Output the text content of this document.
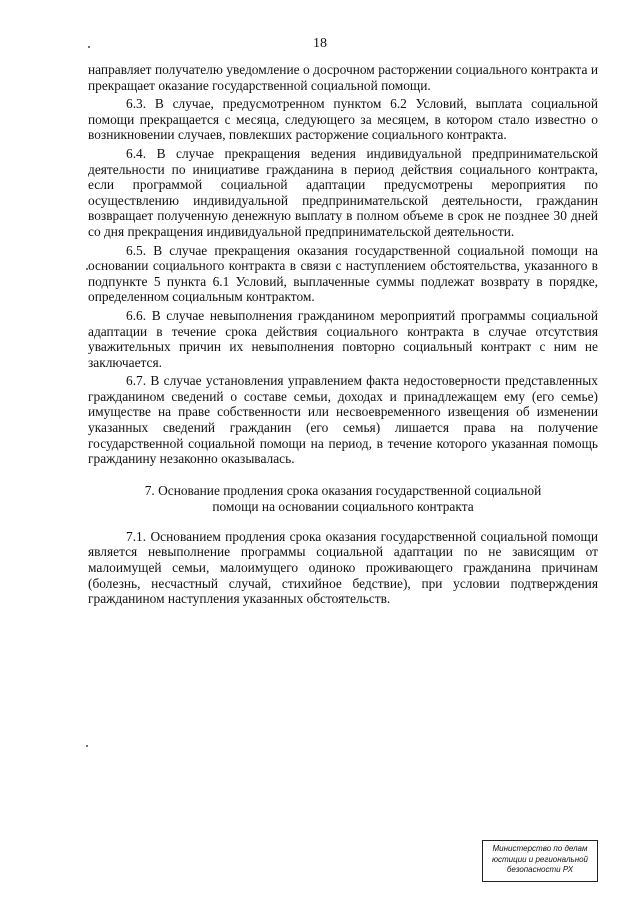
18

направляет получателю уведомление о досрочном расторжении социального контракта и прекращает оказание государственной социальной помощи.

6.3. В случае, предусмотренном пунктом 6.2 Условий, выплата социальной помощи прекращается с месяца, следующего за месяцем, в котором стало известно о возникновении случаев, повлекших расторжение социального контракта.

6.4. В случае прекращения ведения индивидуальной предпринимательской деятельности по инициативе гражданина в период действия социального контракта, если программой социальной адаптации предусмотрены мероприятия по осуществлению индивидуальной предпринимательской деятельности, гражданин возвращает полученную денежную выплату в полном объеме в срок не позднее 30 дней со дня прекращения индивидуальной предпринимательской деятельности.

6.5. В случае прекращения оказания государственной социальной помощи на основании социального контракта в связи с наступлением обстоятельства, указанного в подпункте 5 пункта 6.1 Условий, выплаченные суммы подлежат возврату в порядке, определенном социальным контрактом.

6.6. В случае невыполнения гражданином мероприятий программы социальной адаптации в течение срока действия социального контракта в случае отсутствия уважительных причин их невыполнения повторно социальный контракт с ним не заключается.

6.7. В случае установления управлением факта недостоверности представленных гражданином сведений о составе семьи, доходах и принадлежащем ему (его семье) имуществе на праве собственности или несвоевременного извещения об изменении указанных сведений гражданин (его семья) лишается права на получение государственной социальной помощи на период, в течение которого указанная помощь гражданину незаконно оказывалась.

7. Основание продления срока оказания государственной социальной
помощи на основании социального контракта

7.1. Основанием продления срока оказания государственной социальной помощи является невыполнение программы социальной адаптации по не зависящим от малоимущей семьи, малоимущего одиноко проживающего гражданина причинам (болезнь, несчастный случай, стихийное бедствие), при условии подтверждения гражданином наступления указанных обстоятельств.

Министерство по делам
юстиции и региональной
безопасности РХ
